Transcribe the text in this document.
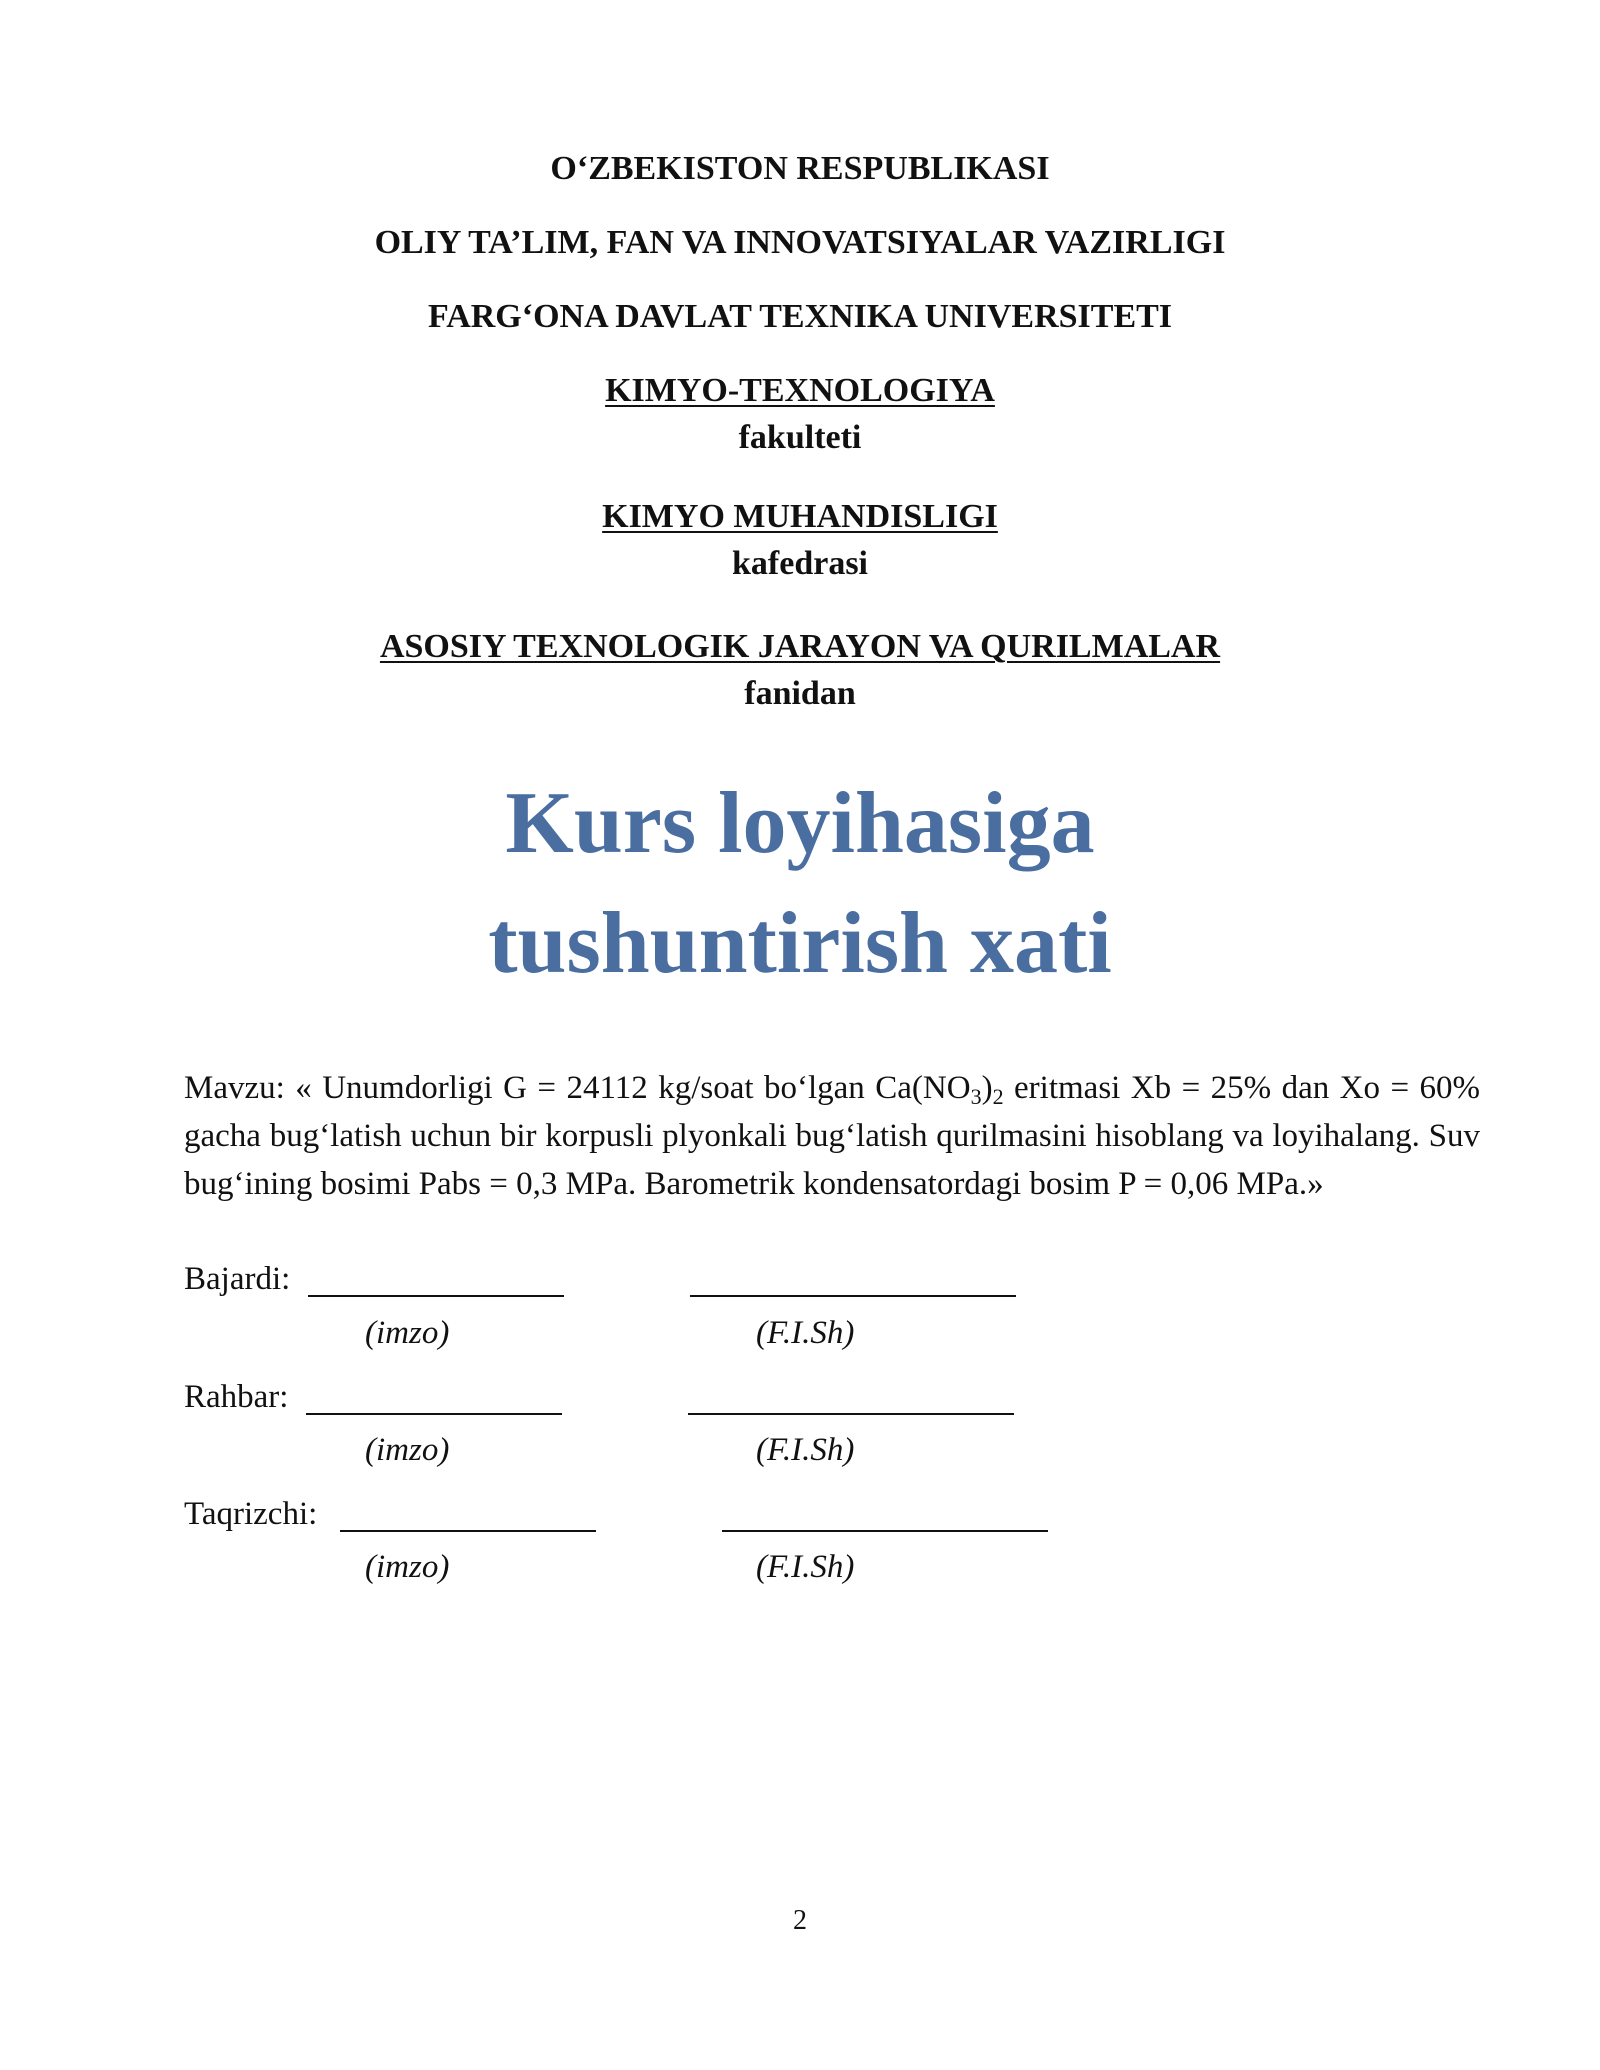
O‘ZBEKISTON RESPUBLIKASI
OLIY TA’LIM, FAN VA INNOVATSIYALAR VAZIRLIGI
FARG‘ONA DAVLAT TEXNIKA UNIVERSITETI
KIMYO-TEXNOLOGIYA
fakulteti
KIMYO MUHANDISLIGI
kafedrasi
ASOSIY TEXNOLOGIK JARAYON VA QURILMALAR
fanidan
Kurs loyihasiga
tushuntirish xati
Mavzu: « Unumdorligi G = 24112 kg/soat bo‘lgan $Ca(NO_3)_2$ eritmasi Xb = 25% dan Xo = 60% gacha bug‘latish uchun bir korpusli plyonkali bug‘latish qurilmasini hisoblang va loyihalang. Suv bug‘ining bosimi Pabs = 0,3 MPa. Barometrik kondensatordagi bosim P = 0,06 MPa.»
Bajardi:
(imzo)	(F.I.Sh)
Rahbar:
(imzo)	(F.I.Sh)
Taqrizchi:
(imzo)	(F.I.Sh)
2
